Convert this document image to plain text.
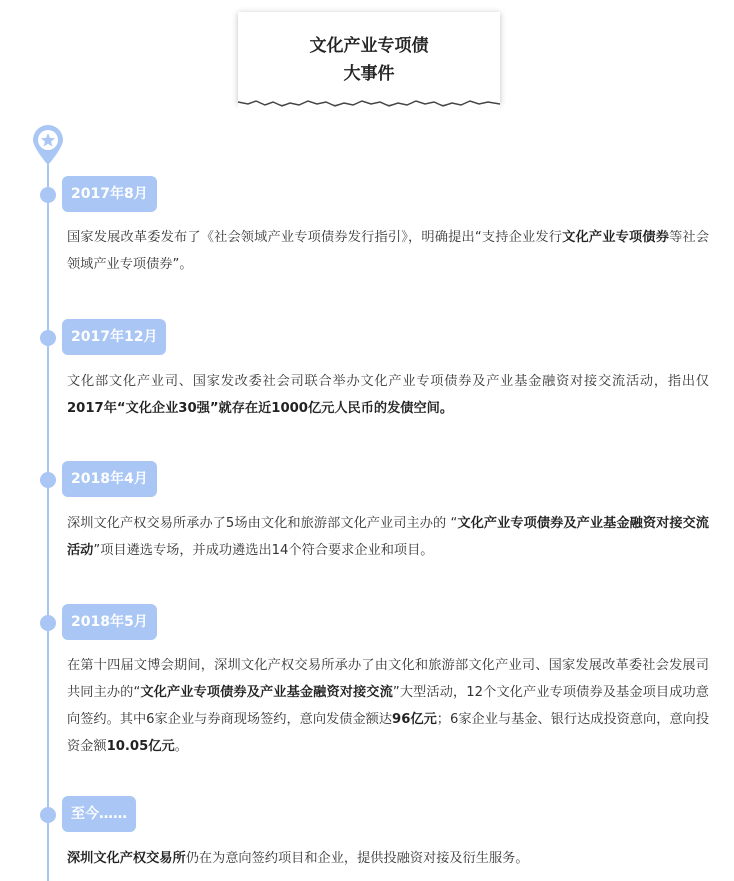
文化产业专项债
大事件
2017年8月
国家发展改革委发布了《社会领域产业专项债券发行指引》，明确提出“支持企业发行文化产业专项债券等社会领域产业专项债券”。
2017年12月
文化部文化产业司、国家发改委社会司联合举办文化产业专项债券及产业基金融资对接交流活动，指出仅2017年“文化企业30强”就存在近1000亿元人民币的发债空间。
2018年4月
深圳文化产权交易所承办了5场由文化和旅游部文化产业司主办的 “文化产业专项债券及产业基金融资对接交流活动”项目遴选专场，并成功遴选出14个符合要求企业和项目。
2018年5月
在第十四届文博会期间，深圳文化产权交易所承办了由文化和旅游部文化产业司、国家发展改革委社会发展司共同主办的“文化产业专项债券及产业基金融资对接交流”大型活动，12个文化产业专项债券及基金项目成功意向签约。其中6家企业与券商现场签约，意向发债金额达96亿元；6家企业与基金、银行达成投资意向，意向投资金额10.05亿元。
至今……
深圳文化产权交易所仍在为意向签约项目和企业，提供投融资对接及衍生服务。
